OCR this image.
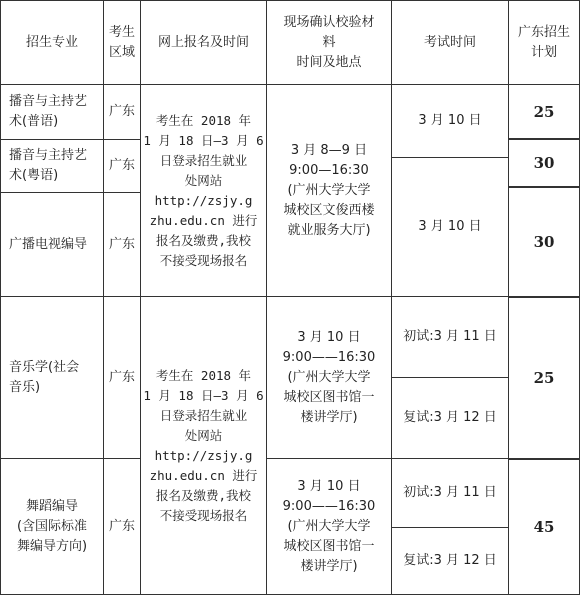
招生专业
考生
区域
网上报名及时间
现场确认校验材
料
时间及地点
考试时间
广东招生
计划
播音与主持艺
术(普语)
播音与主持艺
术(粤语)
广播电视编导
音乐学(社会
音乐)
舞蹈编导
(含国际标准
舞编导方向)
广东
广东
广东
广东
广东
考生在 2018 年
1 月 18 日—3 月 6
日登录招生就业
处网站
http://zsjy.g
zhu.edu.cn 进行
报名及缴费,我校
不接受现场报名
考生在 2018 年
1 月 18 日—3 月 6
日登录招生就业
处网站
http://zsjy.g
zhu.edu.cn 进行
报名及缴费,我校
不接受现场报名
3 月 8—9 日
9:00—16:30
(广州大学大学
城校区文俊西楼
就业服务大厅)
3 月 10 日
9:00——16:30
(广州大学大学
城校区图书馆一
楼讲学厅)
3 月 10 日
9:00——16:30
(广州大学大学
城校区图书馆一
楼讲学厅)
3 月 10 日
3 月 10 日
初试:3 月 11 日
复试:3 月 12 日
初试:3 月 11 日
复试:3 月 12 日
25
30
30
25
45
